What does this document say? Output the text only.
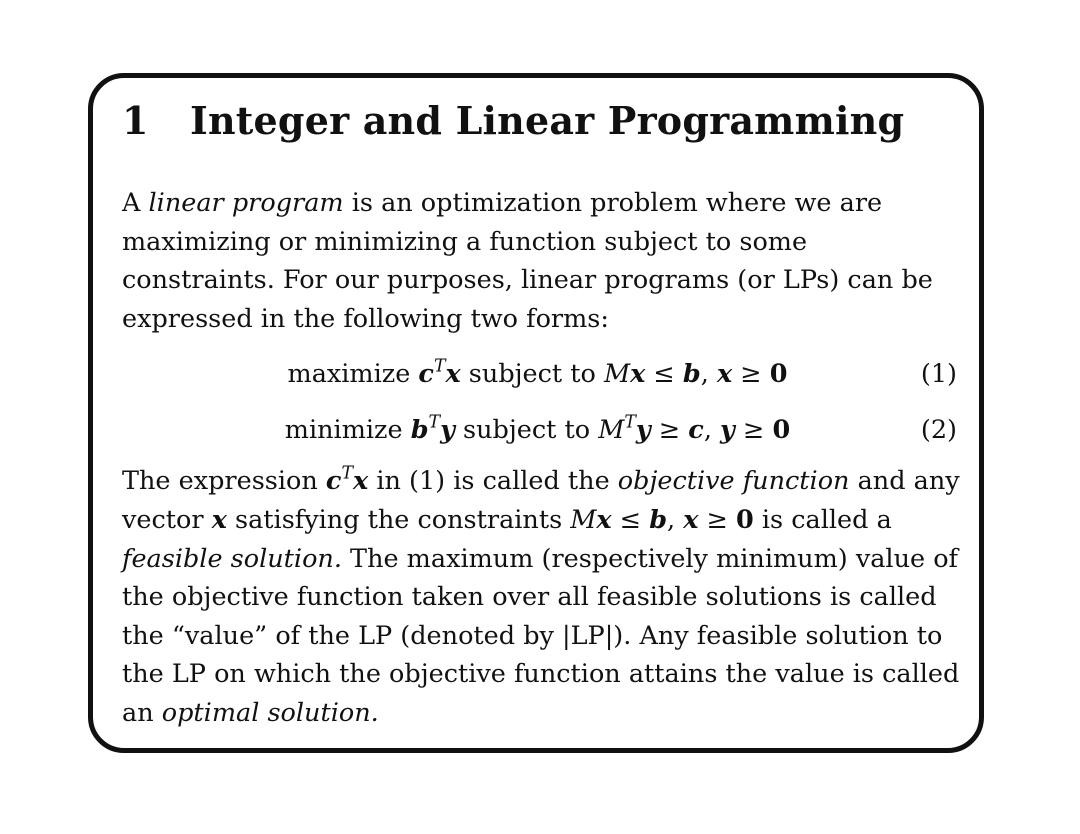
1 Integer and Linear Programming

A linear program is an optimization problem where we are maximizing or minimizing a function subject to some constraints. For our purposes, linear programs (or LPs) can be expressed in the following two forms:

maximize $c^Tx$ subject to Mx ≤ b, x ≥ 0	(1)
minimize $b^Ty$ subject to $M^Ty \ge c$, y ≥ 0	(2)

The expression $c^Tx$ in (1) is called the objective function and any vector x satisfying the constraints Mx ≤ b, x ≥ 0 is called a feasible solution. The maximum (respectively minimum) value of the objective function taken over all feasible solutions is called the “value” of the LP (denoted by |LP|). Any feasible solution to the LP on which the objective function attains the value is called an optimal solution.
